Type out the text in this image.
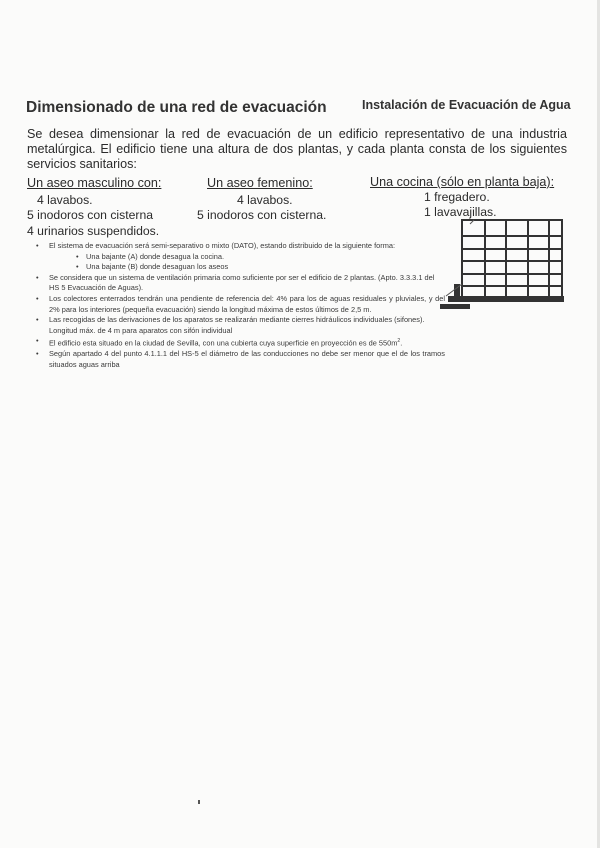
Dimensionado de una red de evacuación	Instalación de Evacuación de Agua
Se desea dimensionar la red de evacuación de un edificio representativo de una industria metalúrgica. El edificio tiene una altura de dos plantas, y cada planta consta de los siguientes servicios sanitarios:
Un aseo masculino con:
4 lavabos.
5 inodoros con cisterna
4 urinarios suspendidos.
Un aseo femenino:
4 lavabos.
5 inodoros con cisterna.
Una cocina (sólo en planta baja):
1 fregadero.
1 lavavajillas.
• El sistema de evacuación será semi-separativo o mixto (DATO), estando distribuido de la siguiente forma:
• Una bajante (A) donde desagua la cocina.
• Una bajante (B) donde desaguan los aseos
• Se considera que un sistema de ventilación primaria como suficiente por ser el edificio de 2 plantas. (Apto. 3.3.3.1 del HS 5 Evacuación de Aguas).
• Los colectores enterrados tendrán una pendiente de referencia del: 4% para los de aguas residuales y pluviales, y del 2% para los interiores (pequeña evacuación) siendo la longitud máxima de estos últimos de 2,5 m.
• Las recogidas de las derivaciones de los aparatos se realizarán mediante cierres hidráulicos individuales (sifones). Longitud máx. de 4 m para aparatos con sifón individual
• El edificio esta situado en la ciudad de Sevilla, con una cubierta cuya superficie en proyección es de $550m^2$.
• Según apartado 4 del punto 4.1.1.1 del HS-5 el diámetro de las conducciones no debe ser menor que el de los tramos situados aguas arriba
